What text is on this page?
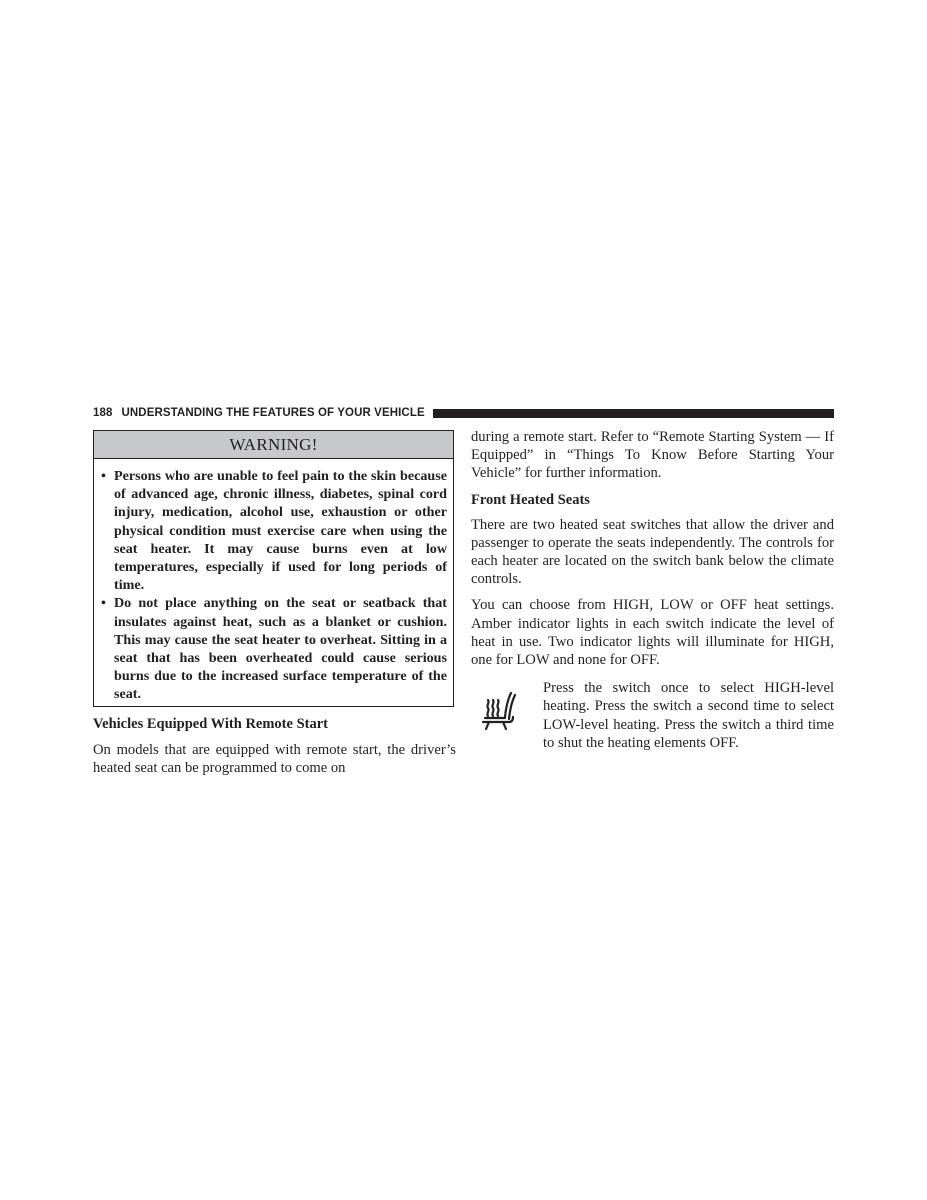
188 UNDERSTANDING THE FEATURES OF YOUR VEHICLE
WARNING!
• Persons who are unable to feel pain to the skin because of advanced age, chronic illness, diabetes, spinal cord injury, medication, alcohol use, exhaustion or other physical condition must exercise care when using the seat heater. It may cause burns even at low temperatures, especially if used for long periods of time.
• Do not place anything on the seat or seatback that insulates against heat, such as a blanket or cushion. This may cause the seat heater to overheat. Sitting in a seat that has been overheated could cause serious burns due to the increased surface temperature of the seat.

Vehicles Equipped With Remote Start

On models that are equipped with remote start, the driver’s heated seat can be programmed to come on

during a remote start. Refer to “Remote Starting System — If Equipped” in “Things To Know Before Starting Your Vehicle” for further information.

Front Heated Seats

There are two heated seat switches that allow the driver and passenger to operate the seats independently. The controls for each heater are located on the switch bank below the climate controls.

You can choose from HIGH, LOW or OFF heat settings. Amber indicator lights in each switch indicate the level of heat in use. Two indicator lights will illuminate for HIGH, one for LOW and none for OFF.

Press the switch once to select HIGH-level heating. Press the switch a second time to select LOW-level heating. Press the switch a third time to shut the heating elements OFF.
